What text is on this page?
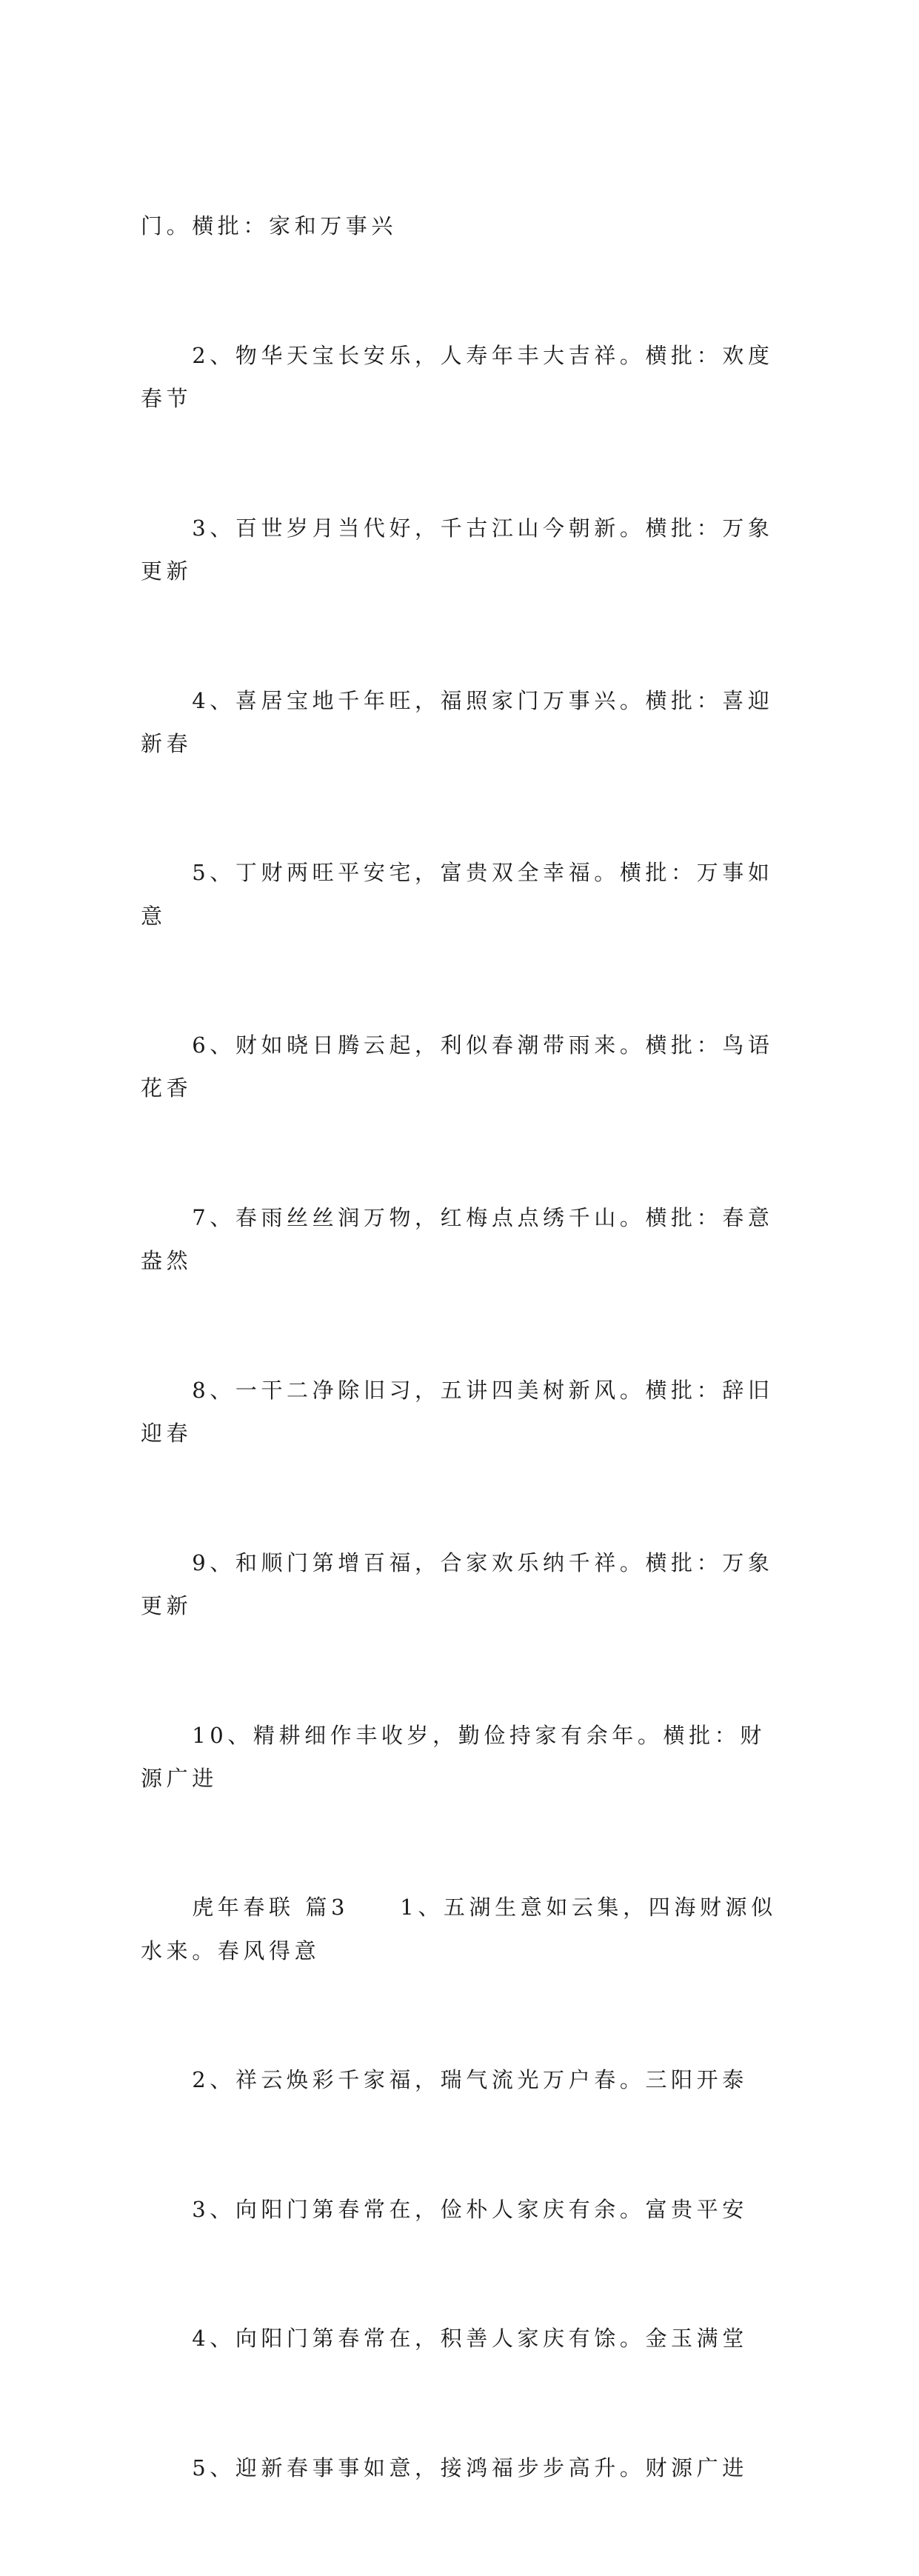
门。横批：家和万事兴

　　2、物华天宝长安乐，人寿年丰大吉祥。横批：欢度春节

　　3、百世岁月当代好，千古江山今朝新。横批：万象更新

　　4、喜居宝地千年旺，福照家门万事兴。横批：喜迎新春

　　5、丁财两旺平安宅，富贵双全幸福。横批：万事如意

　　6、财如晓日腾云起，利似春潮带雨来。横批：鸟语花香

　　7、春雨丝丝润万物，红梅点点绣千山。横批：春意盎然

　　8、一干二净除旧习，五讲四美树新风。横批：辞旧迎春

　　9、和顺门第增百福，合家欢乐纳千祥。横批：万象更新

　　10、精耕细作丰收岁，勤俭持家有余年。横批：财源广进

　　虎年春联 篇3　　1、五湖生意如云集，四海财源似水来。春风得意

　　2、祥云焕彩千家福，瑞气流光万户春。三阳开泰

　　3、向阳门第春常在，俭朴人家庆有余。富贵平安

　　4、向阳门第春常在，积善人家庆有馀。金玉满堂

　　5、迎新春事事如意，接鸿福步步高升。财源广进
